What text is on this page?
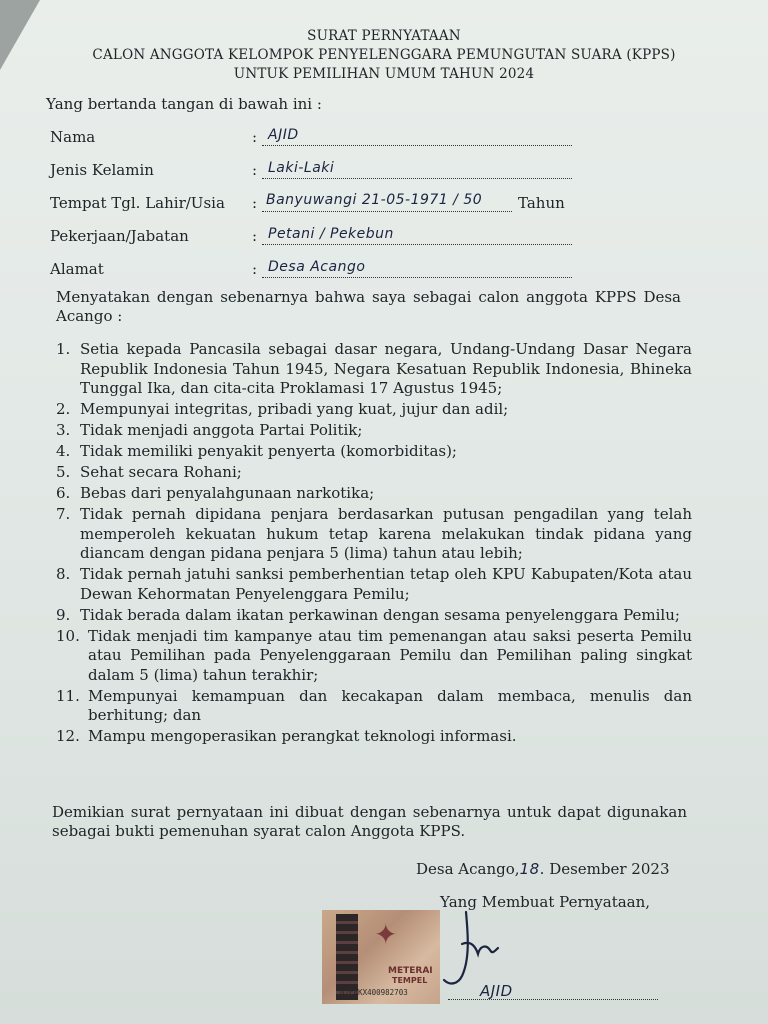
SURAT PERNYATAAN
CALON ANGGOTA KELOMPOK PENYELENGGARA PEMUNGUTAN SUARA (KPPS)
UNTUK PEMILIHAN UMUM TAHUN 2024
Yang bertanda tangan di bawah ini :
Nama	: AJID
Jenis Kelamin	: Laki-Laki
Tempat Tgl. Lahir/Usia : Banyuwangi 21-05-1971 / 50 Tahun
Pekerjaan/Jabatan	: Petani / Pekebun
Alamat	: Desa Acango
Menyatakan dengan sebenarnya bahwa saya sebagai calon anggota KPPS Desa Acango :
1. Setia kepada Pancasila sebagai dasar negara, Undang-Undang Dasar Negara Republik Indonesia Tahun 1945, Negara Kesatuan Republik Indonesia, Bhineka Tunggal Ika, dan cita-cita Proklamasi 17 Agustus 1945;
2. Mempunyai integritas, pribadi yang kuat, jujur dan adil;
3. Tidak menjadi anggota Partai Politik;
4. Tidak memiliki penyakit penyerta (komorbiditas);
5. Sehat secara Rohani;
6. Bebas dari penyalahgunaan narkotika;
7. Tidak pernah dipidana penjara berdasarkan putusan pengadilan yang telah memperoleh kekuatan hukum tetap karena melakukan tindak pidana yang diancam dengan pidana penjara 5 (lima) tahun atau lebih;
8. Tidak pernah jatuhi sanksi pemberhentian tetap oleh KPU Kabupaten/Kota atau Dewan Kehormatan Penyelenggara Pemilu;
9. Tidak berada dalam ikatan perkawinan dengan sesama penyelenggara Pemilu;
10. Tidak menjadi tim kampanye atau tim pemenangan atau saksi peserta Pemilu atau Pemilihan pada Penyelenggaraan Pemilu dan Pemilihan paling singkat dalam 5 (lima) tahun terakhir;
11. Mempunyai kemampuan dan kecakapan dalam membaca, menulis dan berhitung; dan
12. Mampu mengoperasikan perangkat teknologi informasi.
Demikian surat pernyataan ini dibuat dengan sebenarnya untuk dapat digunakan sebagai bukti pemenuhan syarat calon Anggota KPPS.
Desa Acango,18. Desember 2023
Yang Membuat Pernyataan,
✦
METERAI
TEMPEL
01EAKX400982703	AJID
